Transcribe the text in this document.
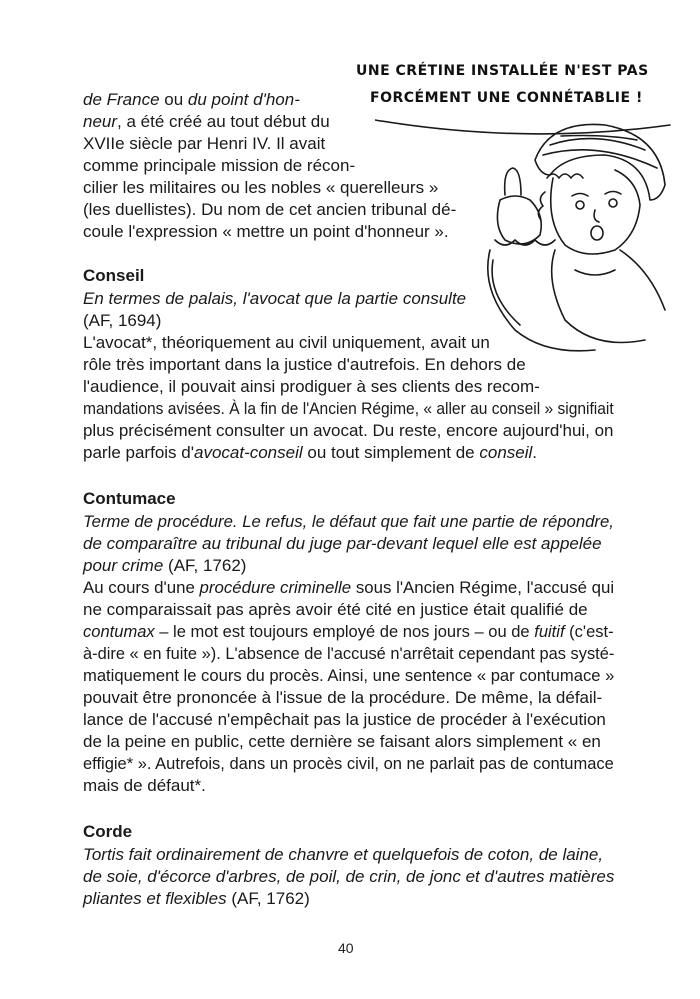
UNE CRÉTINE INSTALLÉE N'EST PAS
FORCÉMENT UNE CONNÉTABLIE !
de France ou du point d'hon-
neur, a été créé au tout début du
XVIIe siècle par Henri IV. Il avait
comme principale mission de récon-
cilier les militaires ou les nobles « querelleurs »
(les duellistes). Du nom de cet ancien tribunal dé-
coule l'expression « mettre un point d'honneur ».
Conseil
En termes de palais, l'avocat que la partie consulte
(AF, 1694)
L'avocat*, théoriquement au civil uniquement, avait un
rôle très important dans la justice d'autrefois. En dehors de
l'audience, il pouvait ainsi prodiguer à ses clients des recom-
mandations avisées. À la fin de l'Ancien Régime, « aller au conseil » signifiait
plus précisément consulter un avocat. Du reste, encore aujourd'hui, on
parle parfois d'avocat-conseil ou tout simplement de conseil.
Contumace
Terme de procédure. Le refus, le défaut que fait une partie de répondre,
de comparaître au tribunal du juge par-devant lequel elle est appelée
pour crime (AF, 1762)
Au cours d'une procédure criminelle sous l'Ancien Régime, l'accusé qui
ne comparaissait pas après avoir été cité en justice était qualifié de
contumax – le mot est toujours employé de nos jours – ou de fuitif (c'est-
à-dire « en fuite »). L'absence de l'accusé n'arrêtait cependant pas systé-
matiquement le cours du procès. Ainsi, une sentence « par contumace »
pouvait être prononcée à l'issue de la procédure. De même, la défail-
lance de l'accusé n'empêchait pas la justice de procéder à l'exécution
de la peine en public, cette dernière se faisant alors simplement « en
effigie* ». Autrefois, dans un procès civil, on ne parlait pas de contumace
mais de défaut*.
Corde
Tortis fait ordinairement de chanvre et quelquefois de coton, de laine,
de soie, d'écorce d'arbres, de poil, de crin, de jonc et d'autres matières
pliantes et flexibles (AF, 1762)
40
